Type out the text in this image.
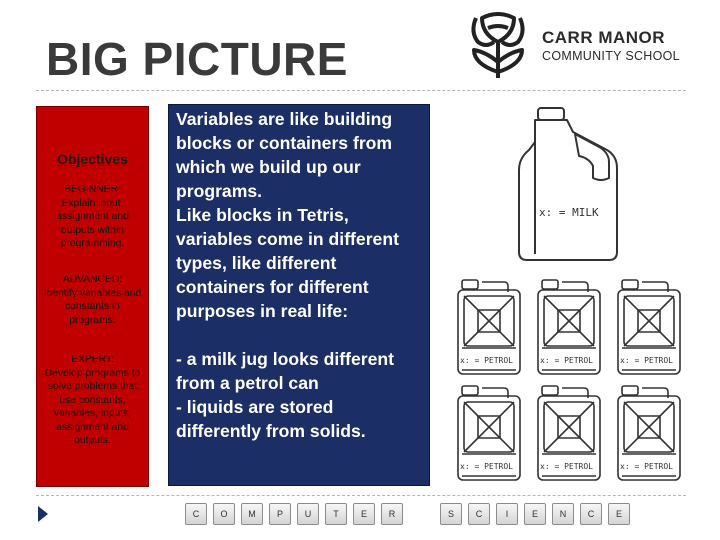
BIG PICTURE	CARR MANOR
COMMUNITY SCHOOL
Objectives
BEGINNER:
Explain input, assignment and outputs within programming.
ADVANCED:
Identify variables and constants in programs.
EXPERT:
Develop programs to solve problems that use constants, variables, inputs, assignment and outputs.

Variables are like building blocks or containers from which we build up our programs.

Like blocks in Tetris, variables come in different types, like different containers for different purposes in real life:

- a milk jug looks different from a petrol can

- liquids are stored differently from solids.

x: = MILK
x: = PETROL	x: = PETROL	x: = PETROL
x: = PETROL	x: = PETROL	x: = PETROL
C	O	M	P	U	T	E	R	S	C	I	E	N	C	E
